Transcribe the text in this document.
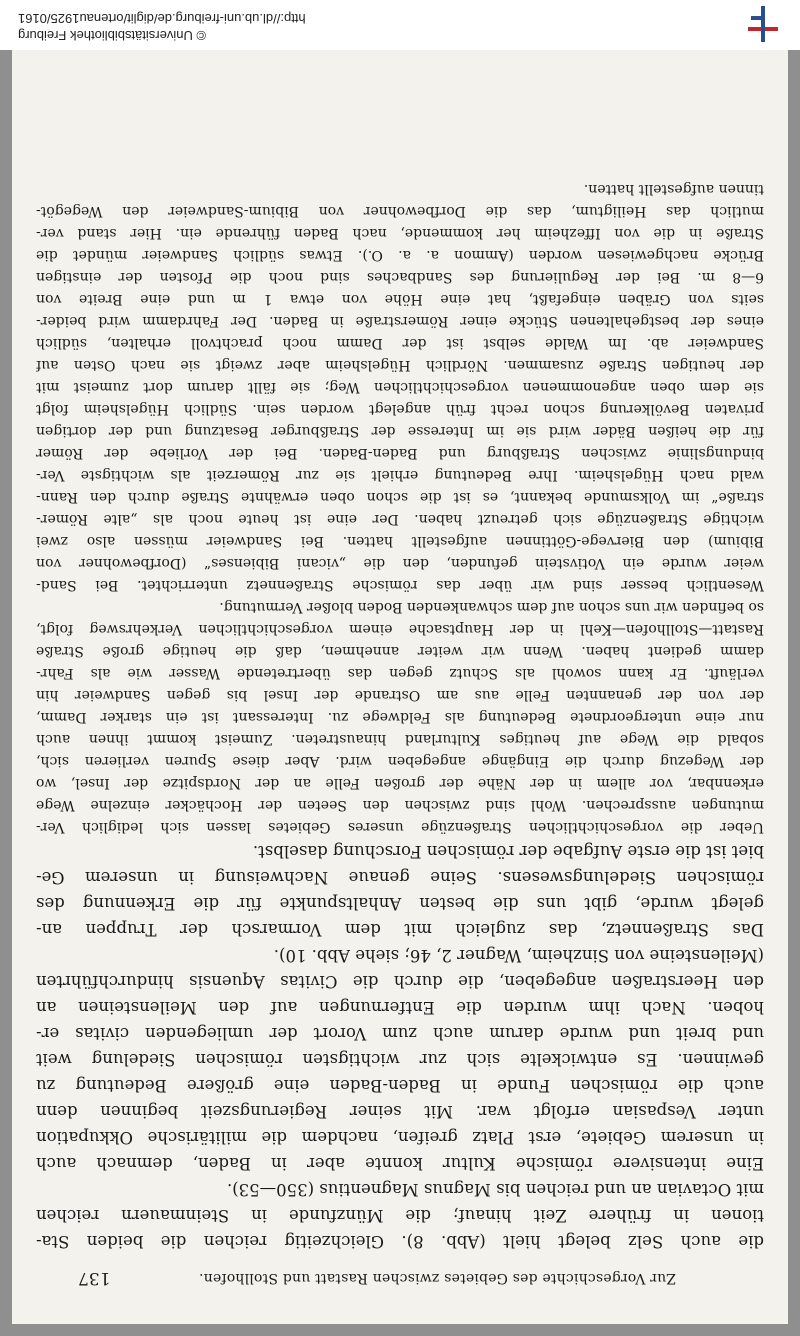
Zur Vorgeschichte des Gebietes zwischen Rastatt und Stollhofen.
137
die auch Selz belegt hielt (Abb. 8). Gleichzeitig reichen die beiden Sta-
tionen in frühere Zeit hinauf; die Münzfunde in Steinmauern reichen
mit Octavian an und reichen bis Magnus Magnentius (350—53).
Eine intensivere römische Kultur konnte aber in Baden, demnach auch
in unserem Gebiete, erst Platz greifen, nachdem die militärische Okkupation
unter Vespasian erfolgt war. Mit seiner Regierungszeit beginnen denn
auch die römischen Funde in Baden-Baden eine größere Bedeutung zu
gewinnen. Es entwickelte sich zur wichtigsten römischen Siedelung weit
und breit und wurde darum auch zum Vorort der umliegenden civitas er-
hoben. Nach ihm wurden die Entfernungen auf den Meilensteinen an
den Heerstraßen angegeben, die durch die Civitas Aquensis hindurchführten
(Meilensteine von Sinzheim, Wagner 2, 46; siehe Abb. 10).
Das Straßennetz, das zugleich mit dem Vormarsch der Truppen an-
gelegt wurde, gibt uns die besten Anhaltspunkte für die Erkennung des
römischen Siedelungswesens. Seine genaue Nachweisung in unserem Ge-
biet ist die erste Aufgabe der römischen Forschung daselbst.
Ueber die vorgeschichtlichen Straßenzüge unseres Gebietes lassen sich lediglich Ver-
mutungen aussprechen. Wohl sind zwischen den Seeten der Hochäcker einzelne Wege
erkennbar, vor allem in der Nähe der großen Felle an der Nordspitze der Insel, wo
der Wegezug durch die Eingänge angegeben wird. Aber diese Spuren verlieren sich,
sobald die Wege auf heutiges Kulturland hinaustreten. Zumeist kommt ihnen auch
nur eine untergeordnete Bedeutung als Feldwege zu. Interessant ist ein starker Damm,
der von der genannten Felle aus am Ostrande der Insel bis gegen Sandweier hin
verläuft. Er kann sowohl als Schutz gegen das übertretende Wasser wie als Fahr-
damm gedient haben. Wenn wir weiter annehmen, daß die heutige große Straße
Rastatt—Stollhofen—Kehl in der Hauptsache einem vorgeschichtlichen Verkehrsweg folgt,
so befinden wir uns schon auf dem schwankenden Boden bloßer Vermutung.
Wesentlich besser sind wir über das römische Straßennetz unterrichtet. Bei Sand-
weier wurde ein Votivstein gefunden, den die „vicani Bibienses“ (Dorfbewohner von
Bibium) den Biervege-Göttinnen aufgestellt hatten. Bei Sandweier müssen also zwei
wichtige Straßenzüge sich getreuzt haben. Der eine ist heute noch als „alte Römer-
straße“ im Volksmunde bekannt, es ist die schon oben erwähnte Straße durch den Rann-
wald nach Hügelsheim. Ihre Bedeutung erhielt sie zur Römerzeit als wichtigste Ver-
bindungslinie zwischen Straßburg und Baden-Baden. Bei der Vorliebe der Römer
für die heißen Bäder wird sie im Interesse der Straßburger Besatzung und der dortigen
privaten Bevölkerung schon recht früh angelegt worden sein. Südlich Hügelsheim folgt
sie dem oben angenommenen vorgeschichtlichen Weg; sie fällt darum dort zumeist mit
der heutigen Straße zusammen. Nördlich Hügelsheim aber zweigt sie nach Osten auf
Sandweier ab. Im Walde selbst ist der Damm noch prachtvoll erhalten, südlich
eines der bestgehaltenen Stücke einer Römerstraße in Baden. Der Fahrdamm wird beider-
seits von Gräben eingefaßt, hat eine Höhe von etwa 1 m und eine Breite von
6—8 m. Bei der Regulierung des Sandbaches sind noch die Pfosten der einstigen
Brücke nachgewiesen worden (Ammon a. a. O.). Etwas südlich Sandweier mündet die
Straße in die von Iffezheim her kommende, nach Baden führende ein. Hier stand ver-
mutlich das Heiligtum, das die Dorfbewohner von Bibium-Sandweier den Wegegöt-
tinnen aufgestellt hatten.
© Universitätsbibliothek Freiburg
http://dl.ub.uni-freiburg.de/diglit/ortenau1925/0161
